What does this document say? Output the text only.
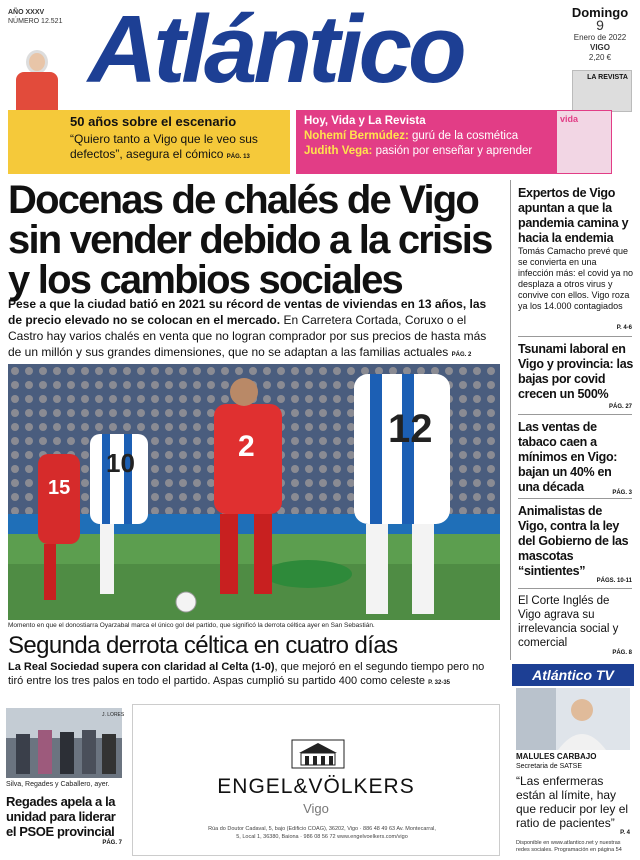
AÑO XXXV
NÚMERO 12.521 Atlántico	Domingo 9
Enero de 2022
VIGO
2,20 €
LA REVISTA
50 años sobre el escenario
“Quiero tanto a Vigo que le veo sus defectos”, asegura el cómico PÁG. 13
Hoy, Vida y La Revista
Nohemí Bermúdez: gurú de la cosmética
Judith Vega: pasión por enseñar y aprender
vida
Docenas de chalés de Vigo sin vender debido a la crisis y los cambios sociales
Pese a que la ciudad batió en 2021 su récord de ventas de viviendas en 13 años, las de precio elevado no se colocan en el mercado. En Carretera Cortada, Coruxo o el Castro hay varios chalés en venta que no logran comprador por sus precios de hasta más de un millón y sus grandes dimensiones, que no se adaptan a las familias actuales PÁG. 2
15
10	2	12
Momento en que el donostiarra Oyarzabal marca el único gol del partido, que significó la derrota céltica ayer en San Sebastián.
Segunda derrota céltica en cuatro días
La Real Sociedad supera con claridad al Celta (1-0), que mejoró en el segundo tiempo pero no tiró entre los tres palos en todo el partido. Aspas cumplió su partido 400 como celeste P. 32-35
Expertos de Vigo apuntan a que la pandemia camina y hacia la endemia
Tomás Camacho prevé que se convierta en una infección más: el covid ya no desplaza a otros virus y convive con ellos. Vigo roza ya los 14.000 contagiados
P. 4-6
Tsunami laboral en Vigo y provincia: las bajas por covid crecen un 500%
PÁG. 27
Las ventas de tabaco caen a mínimos en Vigo: bajan un 40% en una década	PÁG. 3
Animalistas de Vigo, contra la ley del Gobierno de las mascotas “sintientes”
PÁGS. 10-11
El Corte Inglés de Vigo agrava su irrelevancia social y comercial
PÁG. 8
J. LORES
Silva, Regades y Caballero, ayer.
Regades apela a la unidad para liderar el PSOE provincial
PÁG. 7
ENGEL&VÖLKERS
Vigo
Rúa do Doutor Cadaval, 5, bajo (Edificio COAG), 36202, Vigo · 886 48 49 63 Av. Montecarral, 5, Local 1, 36380, Baiona · 986 08 56 72 www.engelvoelkers.com/vigo
Atlántico TV
MALULES CARBAJO
Secretaria de SATSE
“Las enfermeras están al límite, hay que reducir por ley el ratio de pacientes”
P. 4
Disponible en www.atlantico.net y nuestras redes sociales. Programación en página 54
